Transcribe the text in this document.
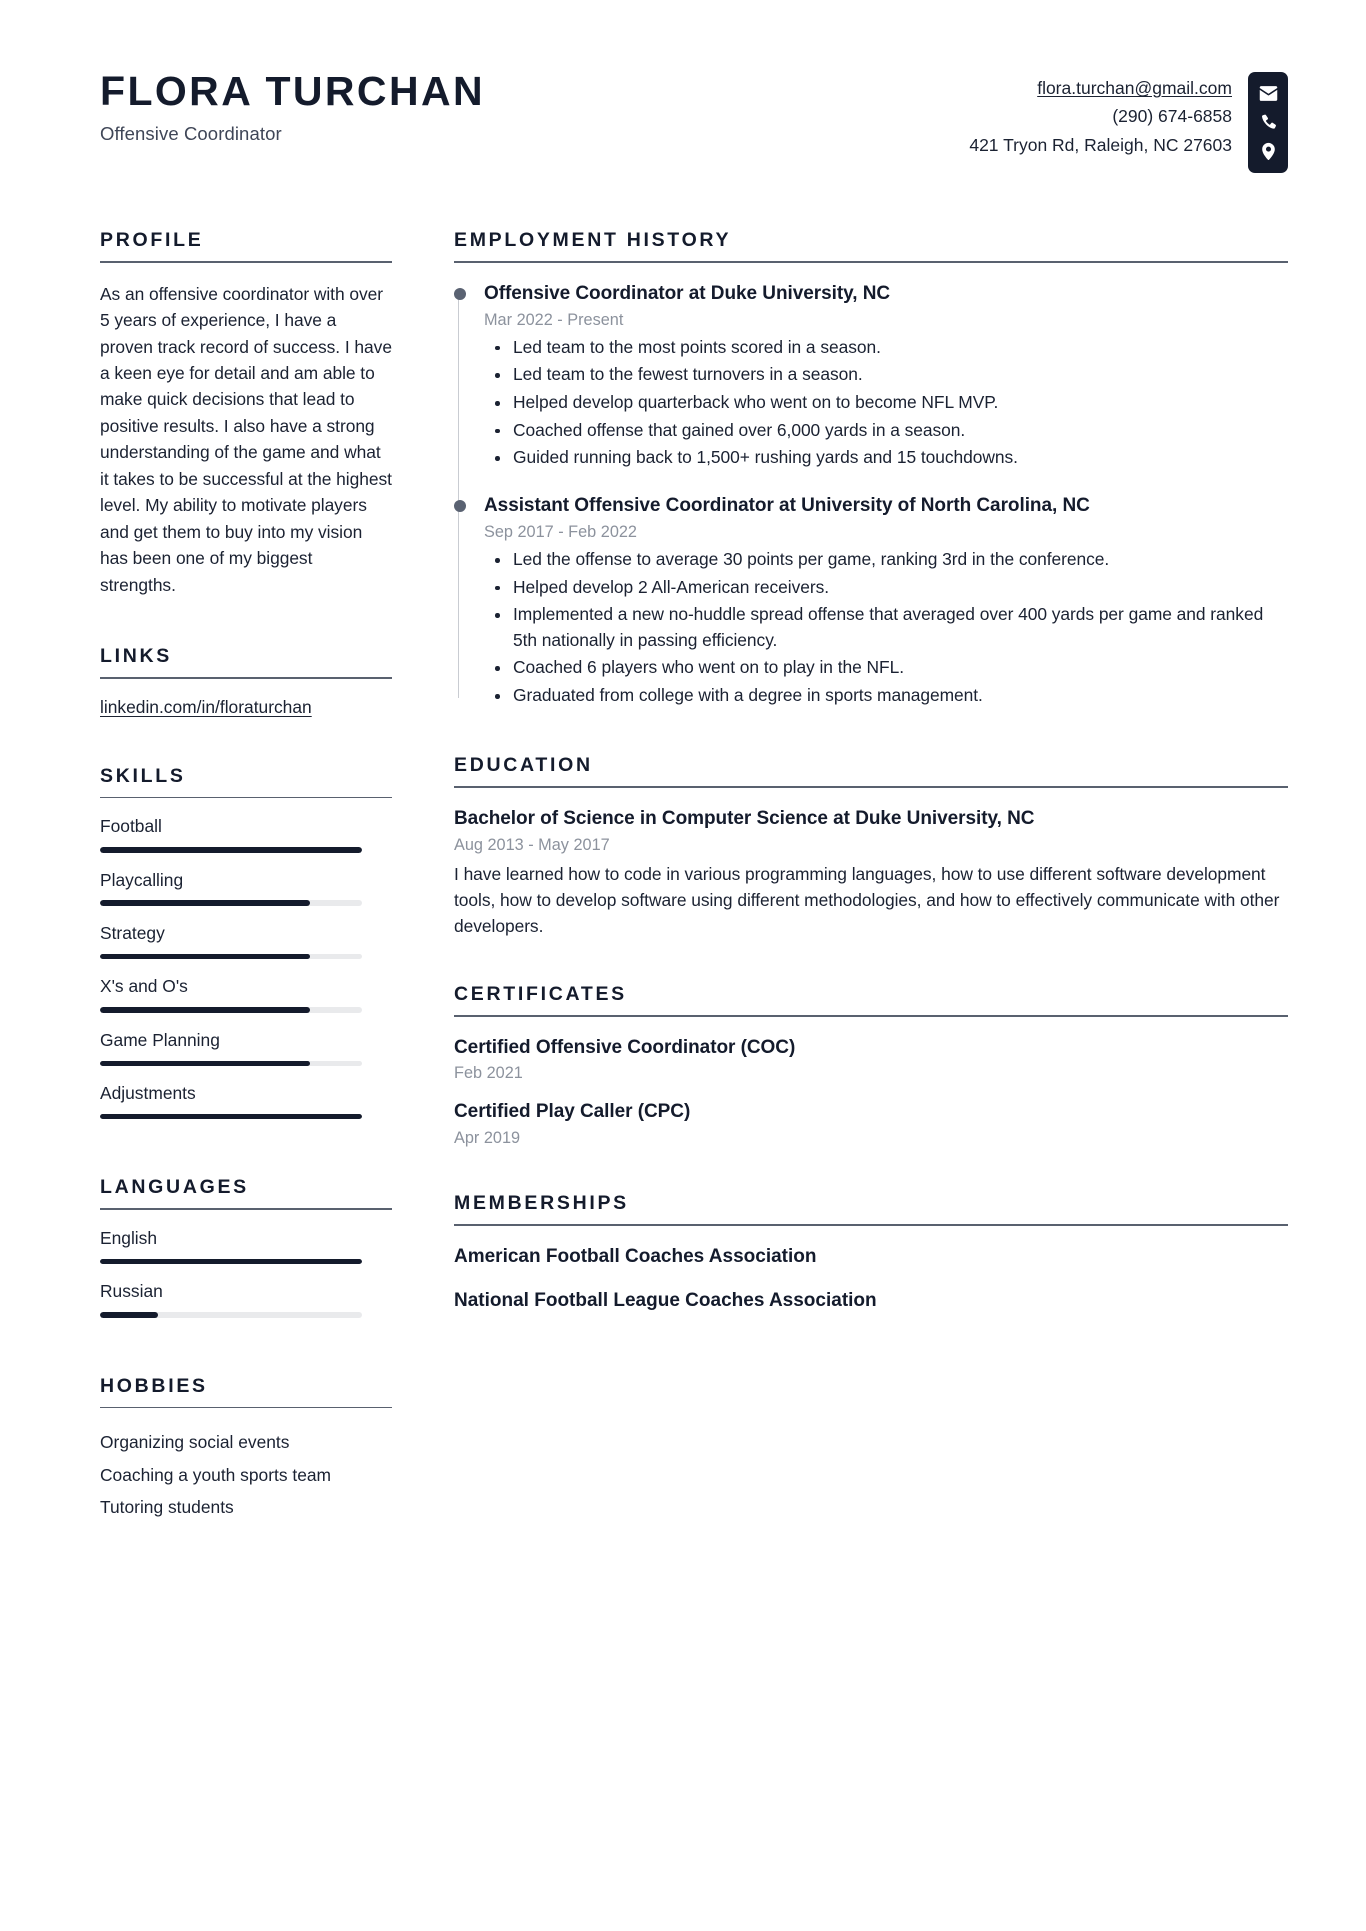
FLORA TURCHAN
Offensive Coordinator
flora.turchan@gmail.com
(290) 674-6858
421 Tryon Rd, Raleigh, NC 27603
PROFILE
As an offensive coordinator with over 5 years of experience, I have a proven track record of success. I have a keen eye for detail and am able to make quick decisions that lead to positive results. I also have a strong understanding of the game and what it takes to be successful at the highest level. My ability to motivate players and get them to buy into my vision has been one of my biggest strengths.
LINKS
linkedin.com/in/floraturchan
SKILLS
Football
Playcalling
Strategy
X's and O's
Game Planning
Adjustments
LANGUAGES
English
Russian
HOBBIES
Organizing social events
Coaching a youth sports team
Tutoring students
EMPLOYMENT HISTORY
Offensive Coordinator at Duke University, NC
Mar 2022 - Present
Led team to the most points scored in a season.
Led team to the fewest turnovers in a season.
Helped develop quarterback who went on to become NFL MVP.
Coached offense that gained over 6,000 yards in a season.
Guided running back to 1,500+ rushing yards and 15 touchdowns.
Assistant Offensive Coordinator at University of North Carolina, NC
Sep 2017 - Feb 2022
Led the offense to average 30 points per game, ranking 3rd in the conference.
Helped develop 2 All-American receivers.
Implemented a new no-huddle spread offense that averaged over 400 yards per game and ranked 5th nationally in passing efficiency.
Coached 6 players who went on to play in the NFL.
Graduated from college with a degree in sports management.
EDUCATION
Bachelor of Science in Computer Science at Duke University, NC
Aug 2013 - May 2017
I have learned how to code in various programming languages, how to use different software development tools, how to develop software using different methodologies, and how to effectively communicate with other developers.
CERTIFICATES
Certified Offensive Coordinator (COC)
Feb 2021
Certified Play Caller (CPC)
Apr 2019
MEMBERSHIPS
American Football Coaches Association
National Football League Coaches Association
